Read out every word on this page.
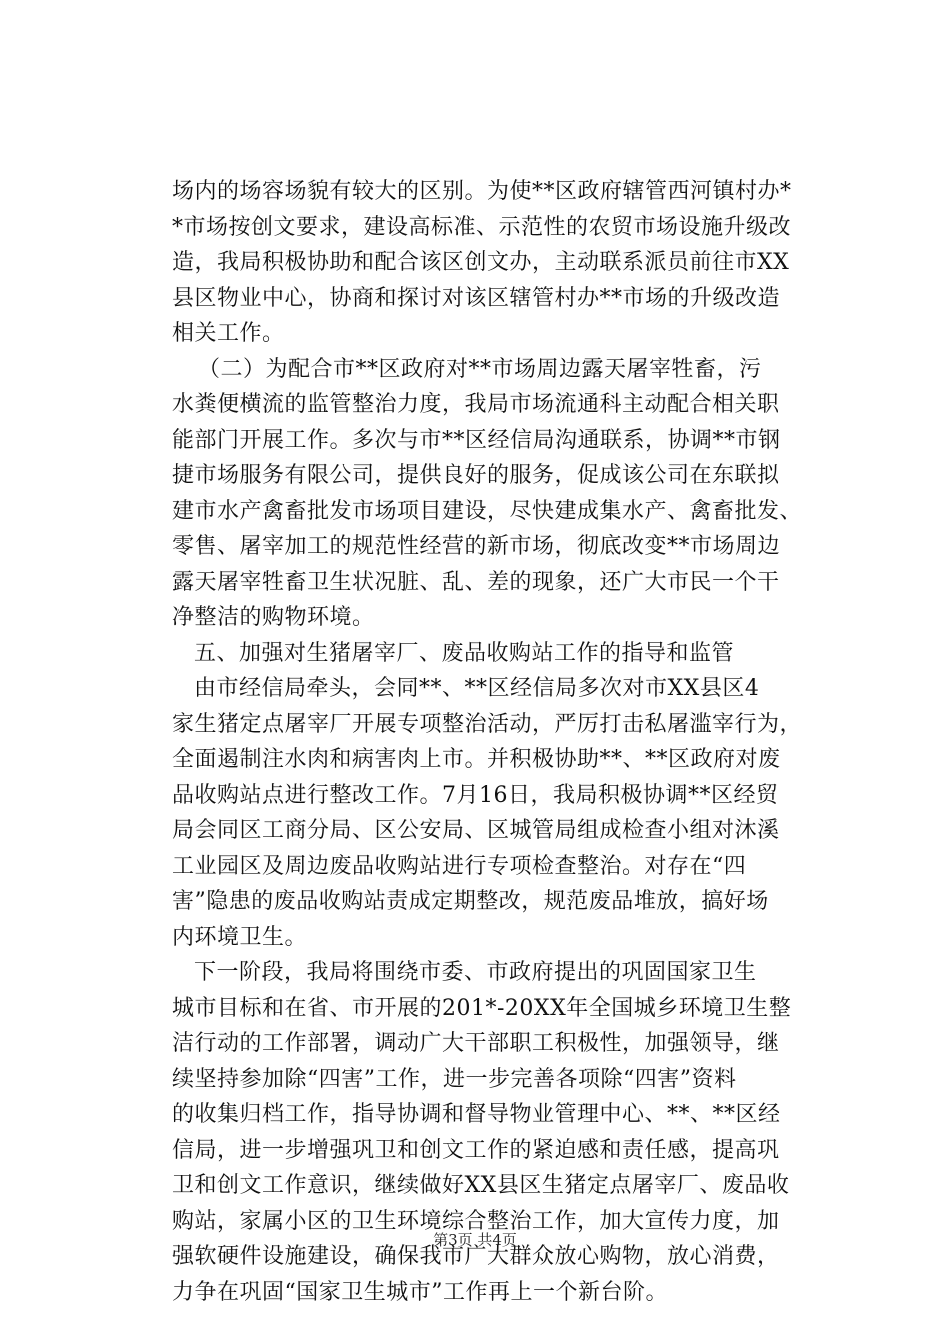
场内的场容场貌有较大的区别。为使**区政府辖管西河镇村办*
*市场按创文要求，建设高标准、示范性的农贸市场设施升级改
造，我局积极协助和配合该区创文办，主动联系派员前往市XX
县区物业中心，协商和探讨对该区辖管村办**市场的升级改造
相关工作。
（二）为配合市**区政府对**市场周边露天屠宰牲畜，污
水粪便横流的监管整治力度，我局市场流通科主动配合相关职
能部门开展工作。多次与市**区经信局沟通联系，协调**市钢
捷市场服务有限公司，提供良好的服务，促成该公司在东联拟
建市水产禽畜批发市场项目建设，尽快建成集水产、禽畜批发、
零售、屠宰加工的规范性经营的新市场，彻底改变**市场周边
露天屠宰牲畜卫生状况脏、乱、差的现象，还广大市民一个干
净整洁的购物环境。
五、加强对生猪屠宰厂、废品收购站工作的指导和监管
由市经信局牵头，会同**、**区经信局多次对市XX县区4
家生猪定点屠宰厂开展专项整治活动，严厉打击私屠滥宰行为，
全面遏制注水肉和病害肉上市。并积极协助**、**区政府对废
品收购站点进行整改工作。7月16日，我局积极协调**区经贸
局会同区工商分局、区公安局、区城管局组成检查小组对沐溪
工业园区及周边废品收购站进行专项检查整治。对存在“四
害”隐患的废品收购站责成定期整改，规范废品堆放，搞好场
内环境卫生。
下一阶段，我局将围绕市委、市政府提出的巩固国家卫生
城市目标和在省、市开展的201*-20XX年全国城乡环境卫生整
洁行动的工作部署，调动广大干部职工积极性，加强领导，继
续坚持参加除“四害”工作，进一步完善各项除“四害”资料
的收集归档工作，指导协调和督导物业管理中心、**、**区经
信局，进一步增强巩卫和创文工作的紧迫感和责任感，提高巩
卫和创文工作意识，继续做好XX县区生猪定点屠宰厂、废品收
购站，家属小区的卫生环境综合整治工作，加大宣传力度，加
强软硬件设施建设，确保我市广大群众放心购物，放心消费，
力争在巩固“国家卫生城市”工作再上一个新台阶。
第3页 共4页
